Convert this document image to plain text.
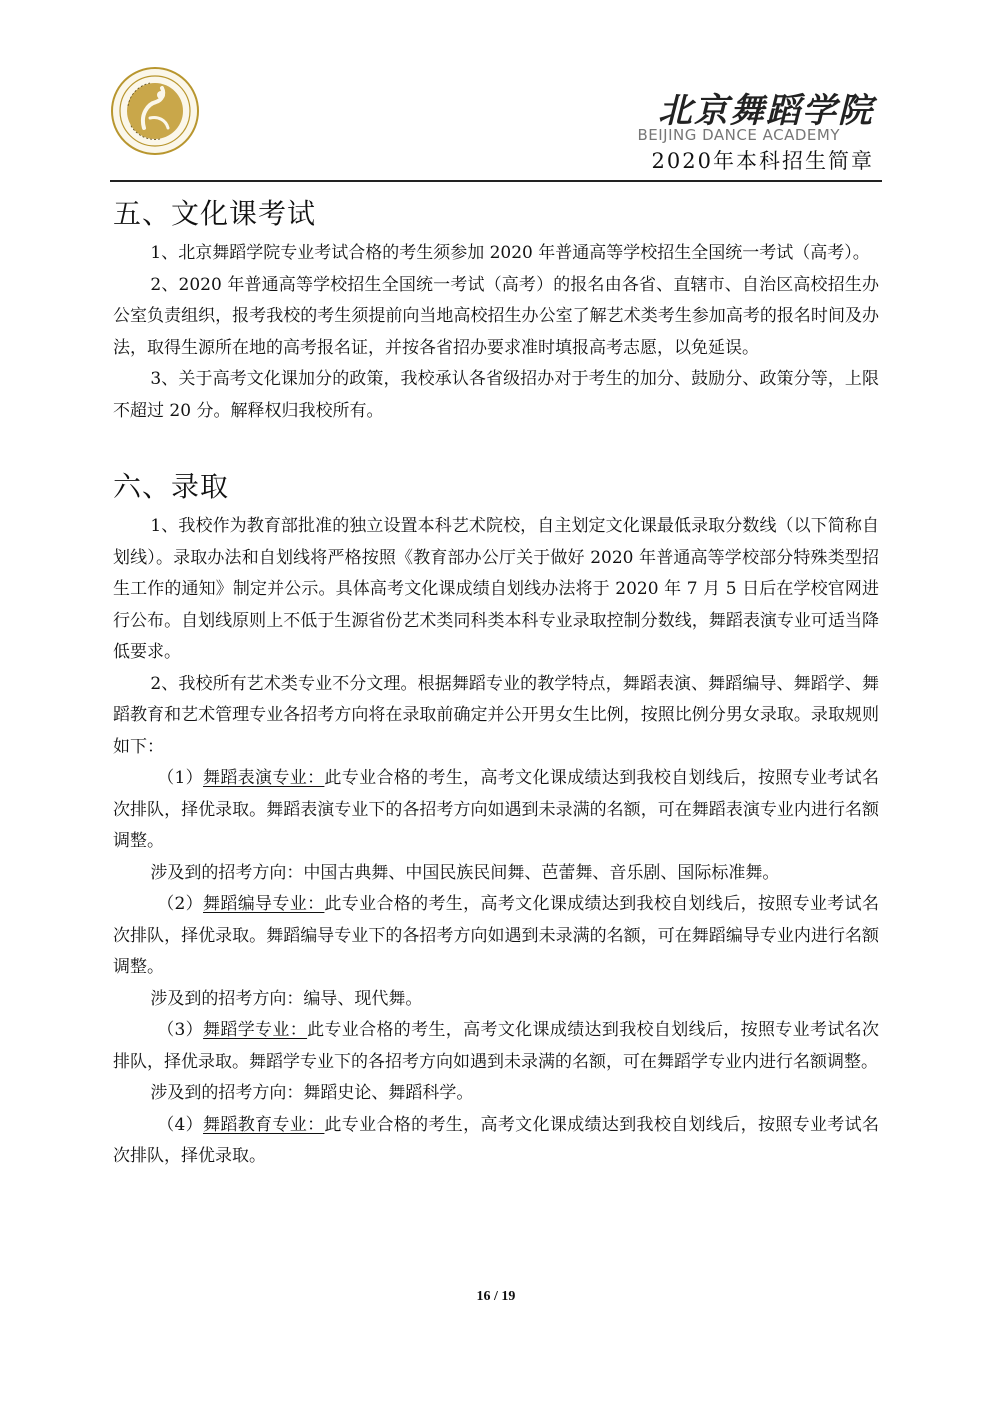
北京舞蹈学院
BEIJING DANCE ACADEMY
2020年本科招生简章
五、文化课考试

1、北京舞蹈学院专业考试合格的考生须参加 2020 年普通高等学校招生全国统一考试（高考）。

2、2020 年普通高等学校招生全国统一考试（高考）的报名由各省、直辖市、自治区高校招生办公室负责组织，报考我校的考生须提前向当地高校招生办公室了解艺术类考生参加高考的报名时间及办法，取得生源所在地的高考报名证，并按各省招办要求准时填报高考志愿，以免延误。

3、关于高考文化课加分的政策，我校承认各省级招办对于考生的加分、鼓励分、政策分等，上限不超过 20 分。解释权归我校所有。

六、录取

1、我校作为教育部批准的独立设置本科艺术院校，自主划定文化课最低录取分数线（以下简称自划线）。录取办法和自划线将严格按照《教育部办公厅关于做好 2020 年普通高等学校部分特殊类型招生工作的通知》制定并公示。具体高考文化课成绩自划线办法将于 2020 年 7 月 5 日后在学校官网进行公布。自划线原则上不低于生源省份艺术类同科类本科专业录取控制分数线，舞蹈表演专业可适当降低要求。

2、我校所有艺术类专业不分文理。根据舞蹈专业的教学特点，舞蹈表演、舞蹈编导、舞蹈学、舞蹈教育和艺术管理专业各招考方向将在录取前确定并公开男女生比例，按照比例分男女录取。录取规则如下：

（1）舞蹈表演专业：此专业合格的考生，高考文化课成绩达到我校自划线后，按照专业考试名次排队，择优录取。舞蹈表演专业下的各招考方向如遇到未录满的名额，可在舞蹈表演专业内进行名额调整。

涉及到的招考方向：中国古典舞、中国民族民间舞、芭蕾舞、音乐剧、国际标准舞。

（2）舞蹈编导专业：此专业合格的考生，高考文化课成绩达到我校自划线后，按照专业考试名次排队，择优录取。舞蹈编导专业下的各招考方向如遇到未录满的名额，可在舞蹈编导专业内进行名额调整。

涉及到的招考方向：编导、现代舞。

（3）舞蹈学专业：此专业合格的考生，高考文化课成绩达到我校自划线后，按照专业考试名次排队，择优录取。舞蹈学专业下的各招考方向如遇到未录满的名额，可在舞蹈学专业内进行名额调整。

涉及到的招考方向：舞蹈史论、舞蹈科学。

（4）舞蹈教育专业：此专业合格的考生，高考文化课成绩达到我校自划线后，按照专业考试名次排队，择优录取。

16 / 19
